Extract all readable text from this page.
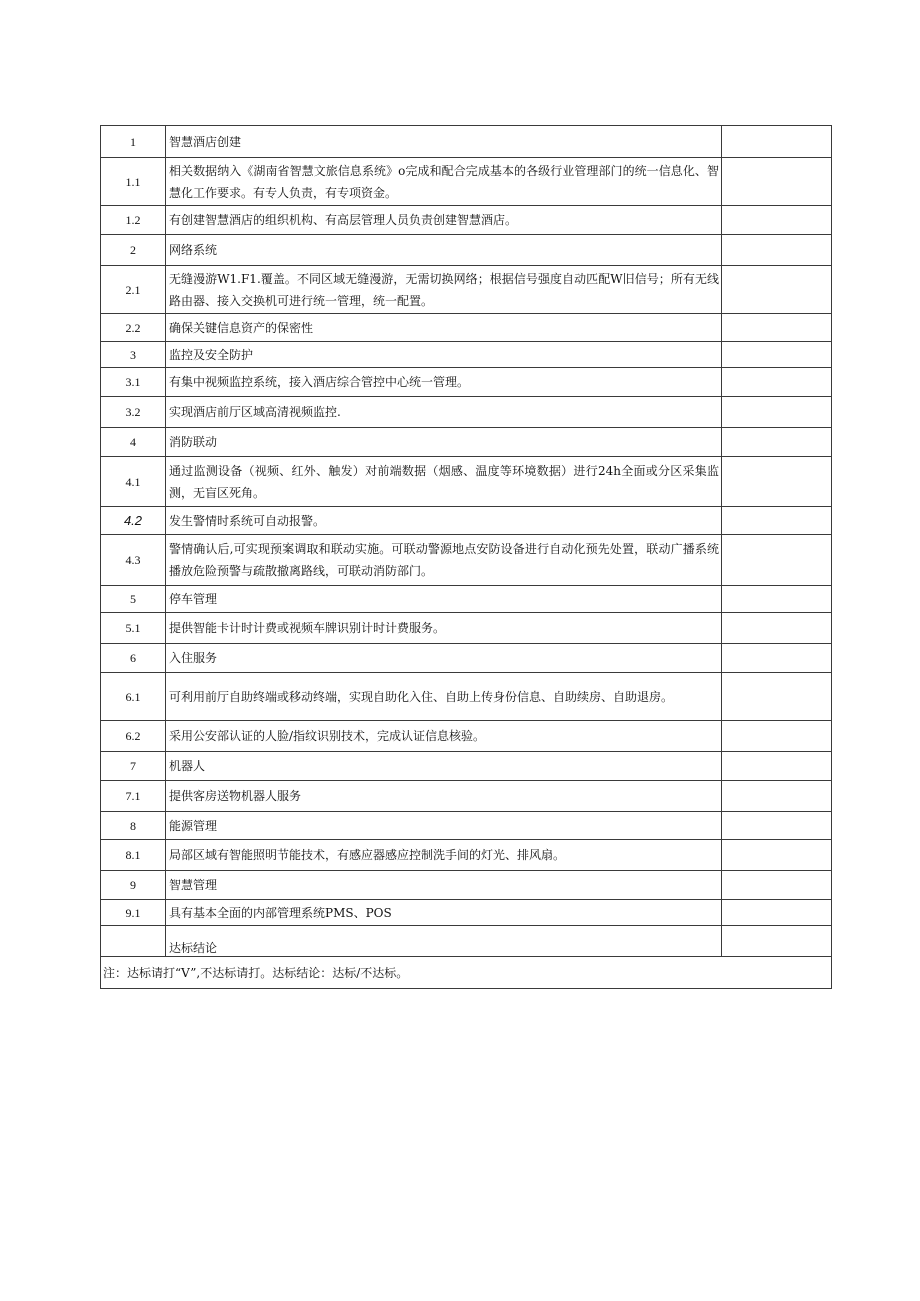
1	智慧酒店创建	
1.1	相关数据纳入《湖南省智慧文旅信息系统》o完成和配合完成基本的各级行业管理部门的统一信息化、智慧化工作要求。有专人负责，有专项资金。	
1.2	有创建智慧酒店的组织机构、有高层管理人员负责创建智慧酒店。	
2	网络系统	
2.1	无缝漫游W1.F1.覆盖。不同区域无缝漫游，无需切换网络；根据信号强度自动匹配W旧信号；所有无线路由器、接入交换机可进行统一管理，统一配置。	
2.2	确保关键信息资产的保密性	
3	监控及安全防护	
3.1	有集中视频监控系统，接入酒店综合管控中心统一管理。	
3.2	实现酒店前厅区域高清视频监控.	
4	消防联动	
4.1	通过监测设备（视频、红外、触发）对前端数据（烟感、温度等环境数据）进行24h全面或分区采集监测，无盲区死角。	
4.2	发生警情时系统可自动报警。	
4.3	警情确认后,可实现预案调取和联动实施。可联动警源地点安防设备进行自动化预先处置，联动广播系统播放危险预警与疏散撤离路线，可联动消防部门。	
5	停车管理	
5.1	提供智能卡计时计费或视频车牌识别计时计费服务。	
6	入住服务	
6.1	可利用前厅自助终端或移动终端，实现自助化入住、自助上传身份信息、自助续房、自助退房。	
6.2	采用公安部认证的人脸/指纹识别技术，完成认证信息核验。	
7	机器人	
7.1	提供客房送物机器人服务	
8	能源管理	
8.1	局部区域有智能照明节能技术，有感应器感应控制洗手间的灯光、排风扇。	
9	智慧管理	
9.1	具有基本全面的内部管理系统PMS、POS	
	达标结论	
注：达标请打“V”,不达标请打。达标结论：达标/不达标。		
